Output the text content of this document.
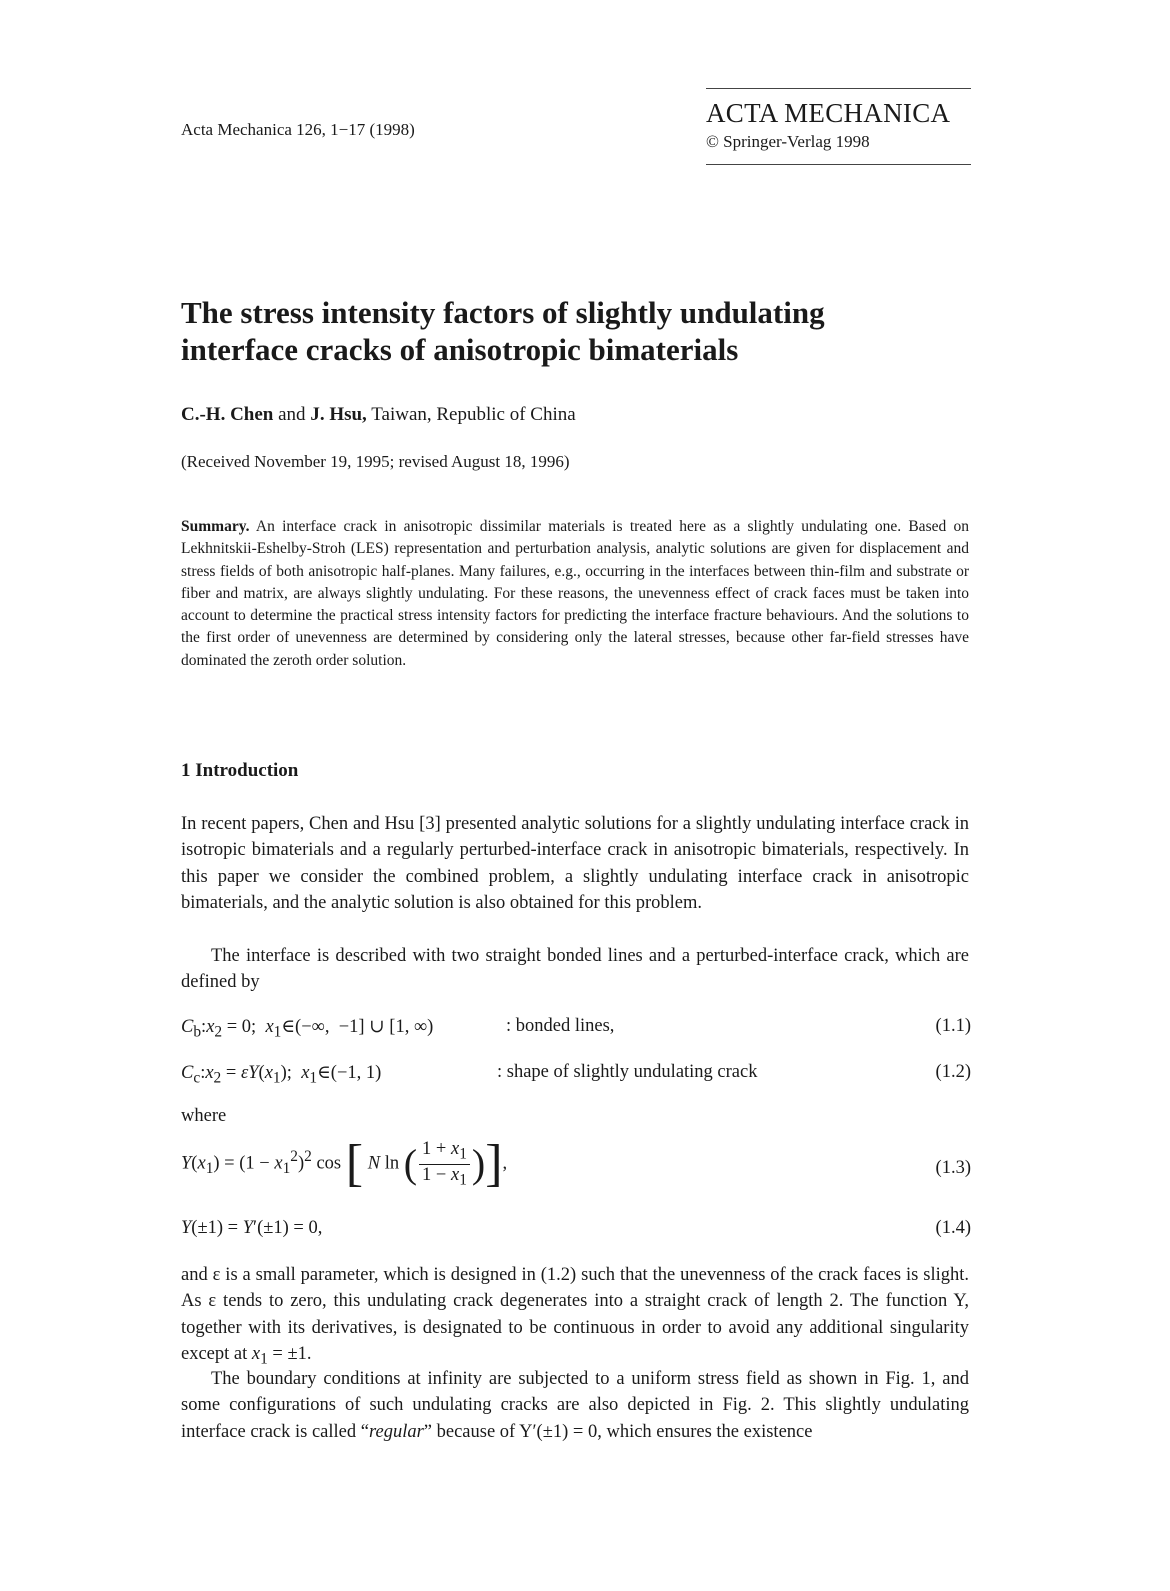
Acta Mechanica 126, 1−17 (1998)
ACTA MECHANICA
© Springer-Verlag 1998
The stress intensity factors of slightly undulating
interface cracks of anisotropic bimaterials
C.-H. Chen and J. Hsu, Taiwan, Republic of China
(Received November 19, 1995; revised August 18, 1996)
Summary. An interface crack in anisotropic dissimilar materials is treated here as a slightly undulating one. Based on Lekhnitskii-Eshelby-Stroh (LES) representation and perturbation analysis, analytic solutions are given for displacement and stress fields of both anisotropic half-planes. Many failures, e.g., occurring in the interfaces between thin-film and substrate or fiber and matrix, are always slightly undulating. For these reasons, the unevenness effect of crack faces must be taken into account to determine the practical stress intensity factors for predicting the interface fracture behaviours. And the solutions to the first order of unevenness are determined by considering only the lateral stresses, because other far-field stresses have dominated the zeroth order solution.
1 Introduction
In recent papers, Chen and Hsu [3] presented analytic solutions for a slightly undulating interface crack in isotropic bimaterials and a regularly perturbed-interface crack in anisotropic bimaterials, respectively. In this paper we consider the combined problem, a slightly undulating interface crack in anisotropic bimaterials, and the analytic solution is also obtained for this problem.
The interface is described with two straight bonded lines and a perturbed-interface crack, which are defined by
$C_b:x_2 = 0$;  $x_1\in(-\infty$,  −1] ∪ [1, ∞)	: bonded lines,	(1.1)
$C_c:x_2 = \varepsilon Y(x_1)$;  $x_1\in(-1$, 1)	: shape of slightly undulating crack	(1.2)
where
$Y(x_1) = (1 - x_1^2)^2$ cos [ N ln ( $\frac{1 + x_1}{1 - x_1}$ )],	(1.3)
Y(±1) = Y′(±1) = 0,	(1.4)
and ε is a small parameter, which is designed in (1.2) such that the unevenness of the crack faces is slight. As ε tends to zero, this undulating crack degenerates into a straight crack of length 2. The function Y, together with its derivatives, is designated to be continuous in order to avoid any additional singularity except at $x_1 = \pm 1$.
The boundary conditions at infinity are subjected to a uniform stress field as shown in Fig. 1, and some configurations of such undulating cracks are also depicted in Fig. 2. This slightly undulating interface crack is called “regular” because of Y′(±1) = 0, which ensures the existence
